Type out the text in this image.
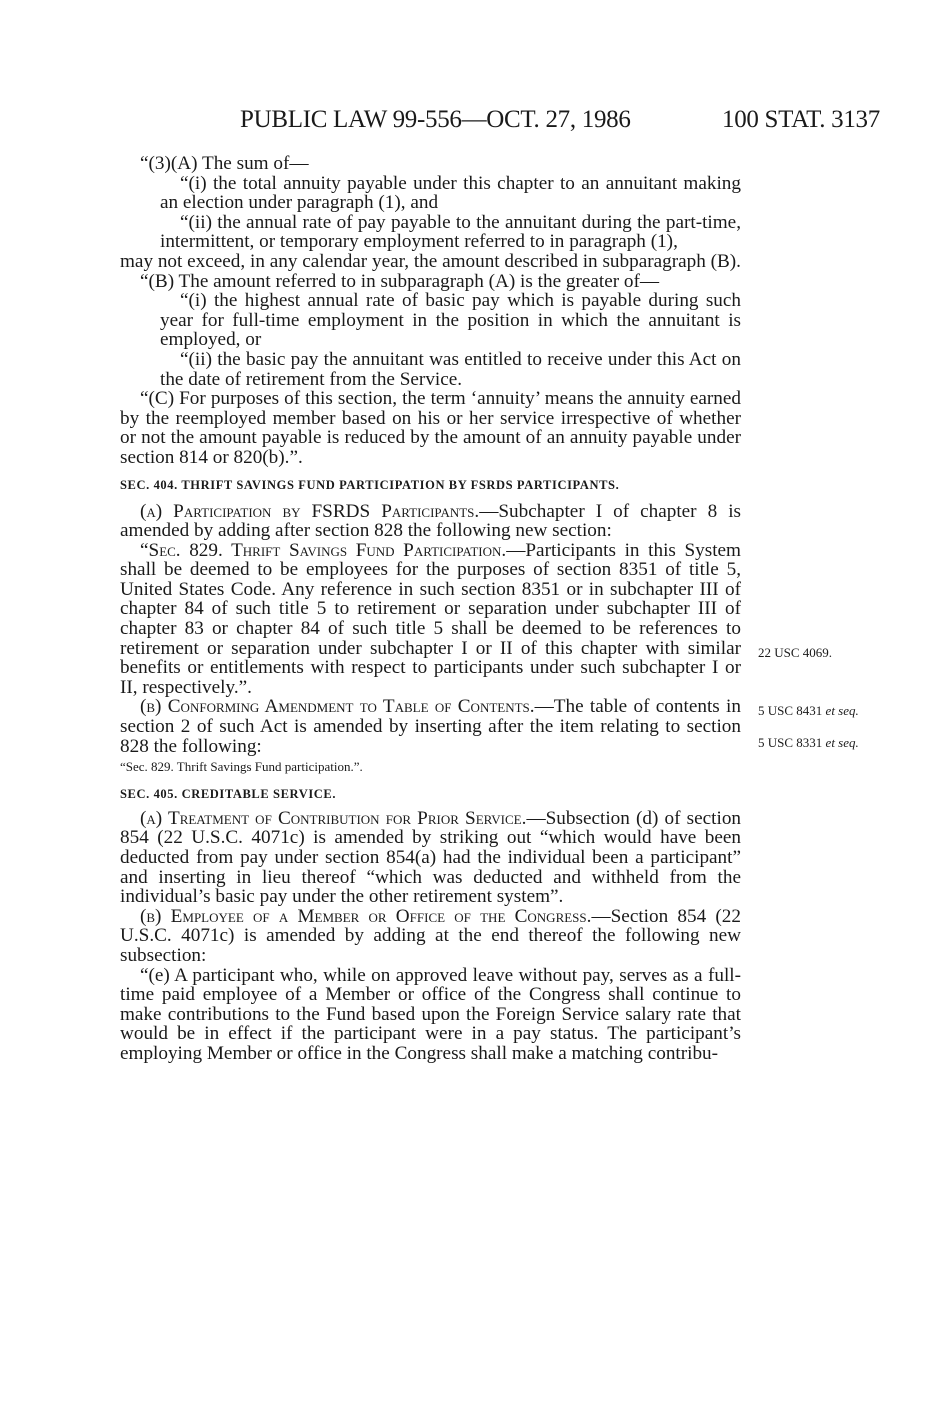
PUBLIC LAW 99-556—OCT. 27, 1986	100 STAT. 3137

“(3)(A) The sum of—

“(i) the total annuity payable under this chapter to an annuitant making an election under paragraph (1), and

“(ii) the annual rate of pay payable to the annuitant during the part-time, intermittent, or temporary employment referred to in paragraph (1),

may not exceed, in any calendar year, the amount described in subparagraph (B).

“(B) The amount referred to in subparagraph (A) is the greater of—

“(i) the highest annual rate of basic pay which is payable during such year for full-time employment in the position in which the annuitant is employed, or

“(ii) the basic pay the annuitant was entitled to receive under this Act on the date of retirement from the Service.

“(C) For purposes of this section, the term ‘annuity’ means the annuity earned by the reemployed member based on his or her service irrespective of whether or not the amount payable is reduced by the amount of an annuity payable under section 814 or 820(b).”.

SEC. 404. THRIFT SAVINGS FUND PARTICIPATION BY FSRDS PARTICIPANTS.

(a) Participation by FSRDS Participants.—Subchapter I of chapter 8 is amended by adding after section 828 the following new section:

“Sec. 829. Thrift Savings Fund Participation.—Participants in this System shall be deemed to be employees for the purposes of section 8351 of title 5, United States Code. Any reference in such section 8351 or in subchapter III of chapter 84 of such title 5 to retirement or separation under subchapter III of chapter 83 or chapter 84 of such title 5 shall be deemed to be references to retirement or separation under subchapter I or II of this chapter with similar benefits or entitlements with respect to participants under such subchapter I or II, respectively.”.

(b) Conforming Amendment to Table of Contents.—The table of contents in section 2 of such Act is amended by inserting after the item relating to section 828 the following:

“Sec. 829. Thrift Savings Fund participation.”.

SEC. 405. CREDITABLE SERVICE.

(a) Treatment of Contribution for Prior Service.—Subsection (d) of section 854 (22 U.S.C. 4071c) is amended by striking out “which would have been deducted from pay under section 854(a) had the individual been a participant” and inserting in lieu thereof “which was deducted and withheld from the individual’s basic pay under the other retirement system”.

(b) Employee of a Member or Office of the Congress.—Section 854 (22 U.S.C. 4071c) is amended by adding at the end thereof the following new subsection:

“(e) A participant who, while on approved leave without pay, serves as a full-time paid employee of a Member or office of the Congress shall continue to make contributions to the Fund based upon the Foreign Service salary rate that would be in effect if the participant were in a pay status. The participant’s employing Member or office in the Congress shall make a matching contribu-

22 USC 4069.
5 USC 8431 et seq.
5 USC 8331 et seq.
